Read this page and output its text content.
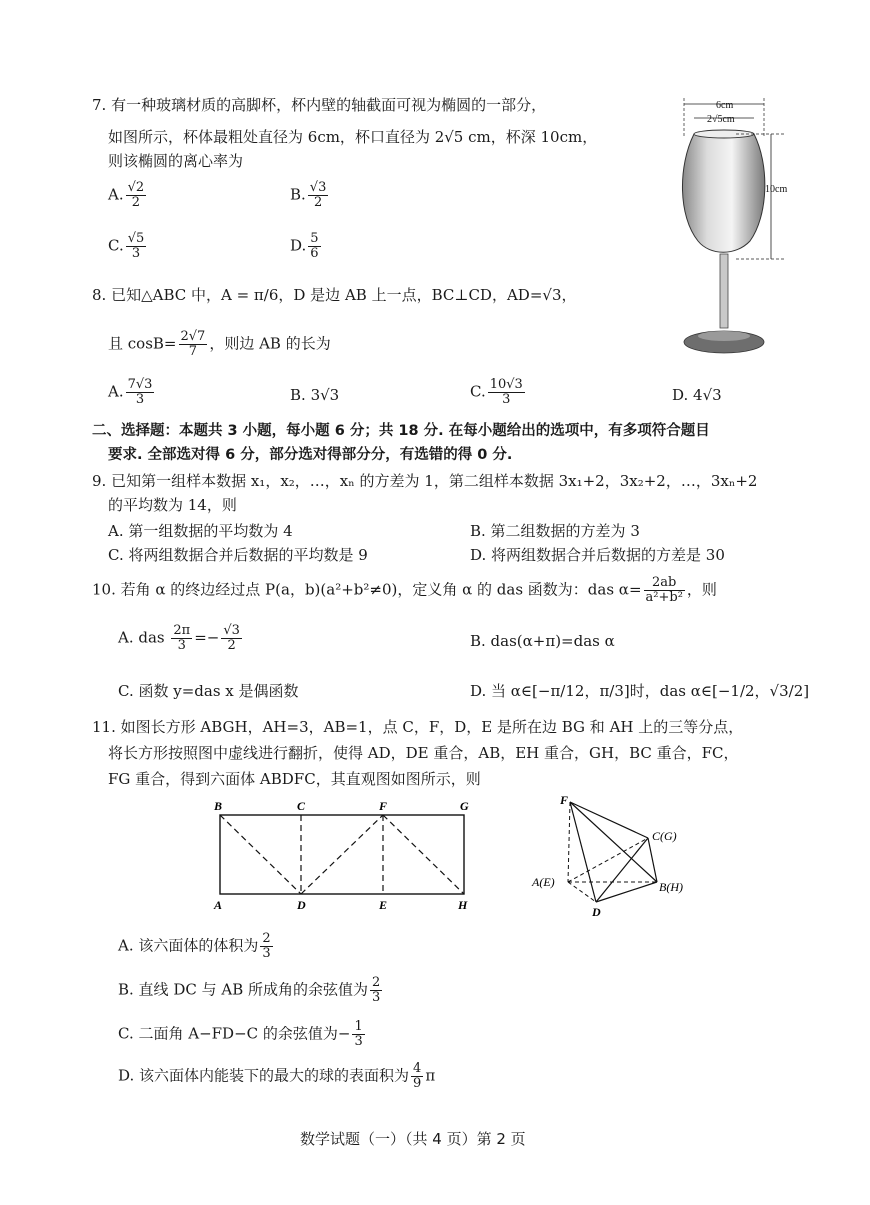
7. 有一种玻璃材质的高脚杯，杯内壁的轴截面可视为椭圆的一部分，
如图所示，杯体最粗处直径为 6cm，杯口直径为 2√5 cm，杯深 10cm，
则该椭圆的离心率为
A. $\frac{√2}{2}$	B. $\frac{√3}{2}$
C. $\frac{√5}{3}$	D. $\frac{5}{6}$
6cm
2√5cm
10cm
8. 已知△ABC 中，A = π/6，D 是边 AB 上一点，BC⊥CD，AD=√3，
且 $\cos B= \frac{2√7}{7}$ ，则边 AB 的长为
A. $\frac{7√3}{3}$	B. 3√3	C. $\frac{10√3}{3}$	D. 4√3
二、选择题：本题共 3 小题，每小题 6 分；共 18 分. 在每小题给出的选项中，有多项符合题目
要求. 全部选对得 6 分，部分选对得部分分，有选错的得 0 分.
9. 已知第一组样本数据 x₁，x₂，…，xₙ 的方差为 1，第二组样本数据 3x₁+2，3x₂+2，…，3xₙ+2
的平均数为 14，则
A. 第一组数据的平均数为 4	B. 第二组数据的方差为 3
C. 将两组数据合并后数据的平均数是 9	D. 将两组数据合并后数据的方差是 30
10. 若角 α 的终边经过点 P(a，b)(a²+b²≠0)，定义角 α 的 das 函数为：das $\alpha= \frac{2ab}{\text{a²+b²}}$ ，则
A. das $\frac{2\pi}{3} =- \frac{√3}{2}$	B. das(α+π)=das α
C. 函数 y=das x 是偶函数	D. 当 α∈[−π/12，π/3]时，das α∈[−1/2，√3/2]
11. 如图长方形 ABGH，AH=3，AB=1，点 C，F，D，E 是所在边 BG 和 AH 上的三等分点，
将长方形按照图中虚线进行翻折，使得 AD，DE 重合，AB，EH 重合，GH，BC 重合，FC，
FG 重合，得到六面体 ABDFC，其直观图如图所示，则
B	C	F	G
A	D	E	H
F
C(G)
A(E)	B(H)
D
A. 该六面体的体积为 $\frac{2}{3}$
B. 直线 DC 与 AB 所成角的余弦值为 $\frac{2}{3}$
C. 二面角 A−FD−C 的余弦值为− $\frac{1}{3}$
D. 该六面体内能装下的最大的球的表面积为 $\frac{4}{9}$ π
数学试题（一）（共 4 页）第 2 页
